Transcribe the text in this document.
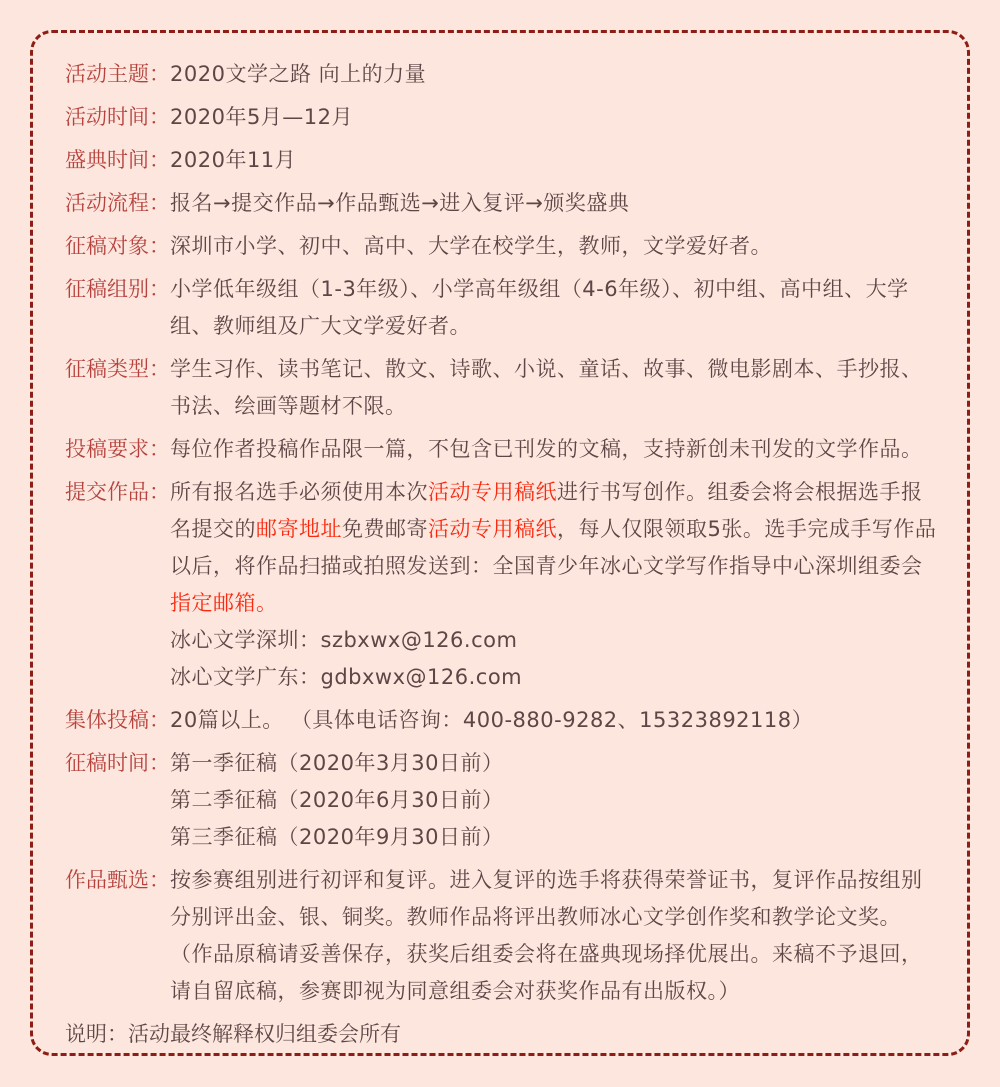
活动主题： 2020文学之路 向上的力量
活动时间： 2020年5月—12月
盛典时间： 2020年11月
活动流程： 报名→提交作品→作品甄选→进入复评→颁奖盛典
征稿对象： 深圳市小学、初中、高中、大学在校学生，教师，文学爱好者。
征稿组别： 小学低年级组（1-3年级）、小学高年级组（4-6年级）、初中组、高中组、大学组、教师组及广大文学爱好者。
征稿类型： 学生习作、读书笔记、散文、诗歌、小说、童话、故事、微电影剧本、手抄报、书法、绘画等题材不限。
投稿要求： 每位作者投稿作品限一篇，不包含已刊发的文稿，支持新创未刊发的文学作品。
提交作品： 所有报名选手必须使用本次活动专用稿纸进行书写创作。组委会将会根据选手报名提交的邮寄地址免费邮寄活动专用稿纸，每人仅限领取5张。选手完成手写作品以后，将作品扫描或拍照发送到：全国青少年冰心文学写作指导中心深圳组委会指定邮箱。
冰心文学深圳：szbxwx@126.com
冰心文学广东：gdbxwx@126.com
集体投稿： 20篇以上。 （具体电话咨询：400-880-9282、15323892118）
征稿时间： 第一季征稿（2020年3月30日前）
第二季征稿（2020年6月30日前）
第三季征稿（2020年9月30日前）
作品甄选： 按参赛组别进行初评和复评。进入复评的选手将获得荣誉证书，复评作品按组别分别评出金、银、铜奖。教师作品将评出教师冰心文学创作奖和教学论文奖。 （作品原稿请妥善保存，获奖后组委会将在盛典现场择优展出。来稿不予退回，请自留底稿，参赛即视为同意组委会对获奖作品有出版权。）
说明：活动最终解释权归组委会所有
